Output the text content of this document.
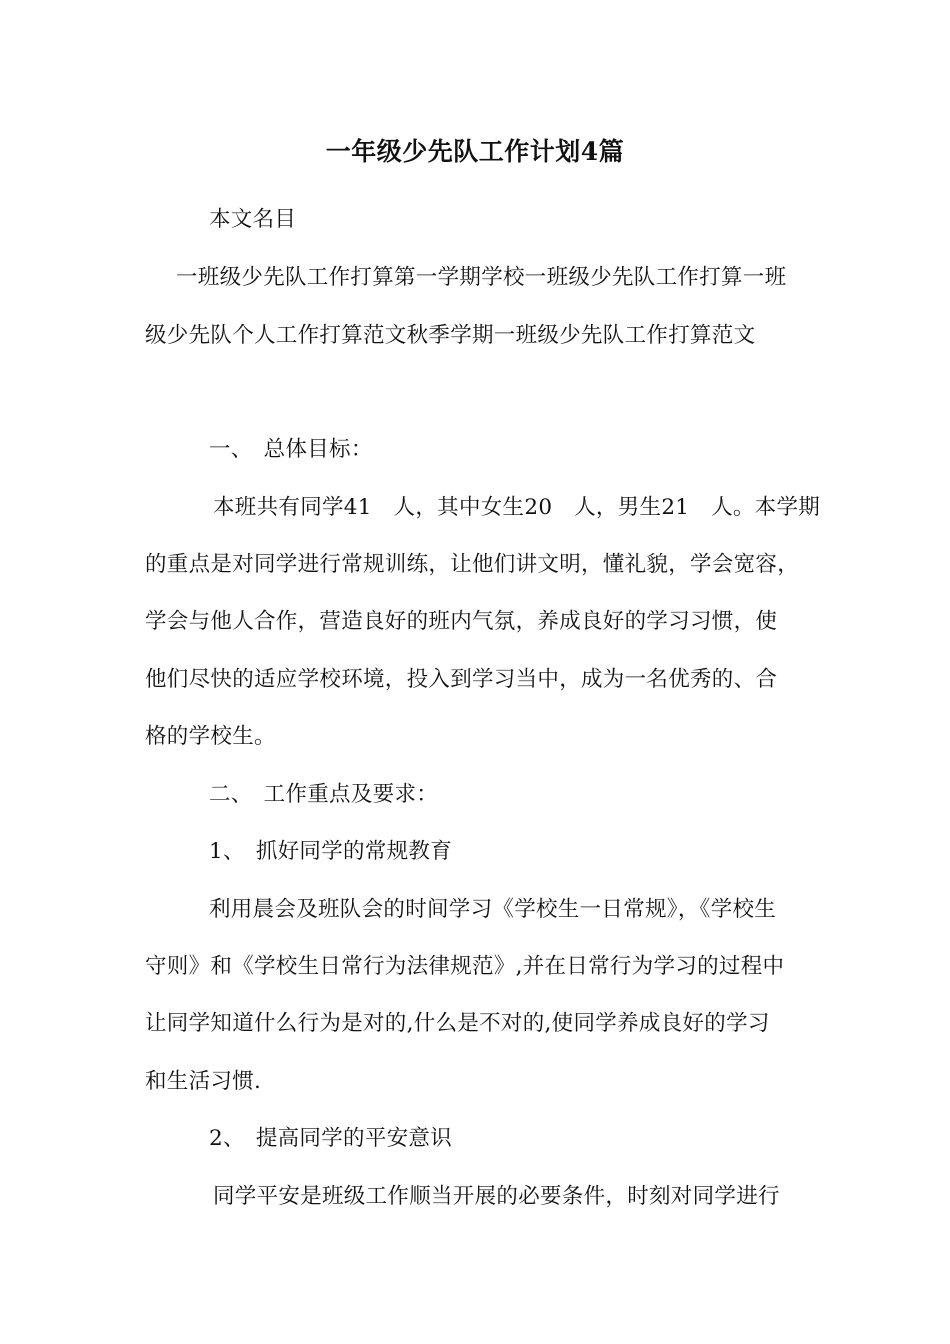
一年级少先队工作计划4篇
本文名目
一班级少先队工作打算第一学期学校一班级少先队工作打算一班
级少先队个人工作打算范文秋季学期一班级少先队工作打算范文
一、　总体目标：
本班共有同学41　人，其中女生20　人，男生21　人。本学期
的重点是对同学进行常规训练，让他们讲文明，懂礼貌，学会宽容，
学会与他人合作，营造良好的班内气氛，养成良好的学习习惯，使
他们尽快的适应学校环境，投入到学习当中，成为一名优秀的、合
格的学校生。
二、　工作重点及要求：
1、　抓好同学的常规教育
利用晨会及班队会的时间学习《学校生一日常规》，《学校生
守则》和《学校生日常行为法律规范》,并在日常行为学习的过程中
让同学知道什么行为是对的,什么是不对的,使同学养成良好的学习
和生活习惯.
2、　提高同学的平安意识
同学平安是班级工作顺当开展的必要条件，时刻对同学进行
